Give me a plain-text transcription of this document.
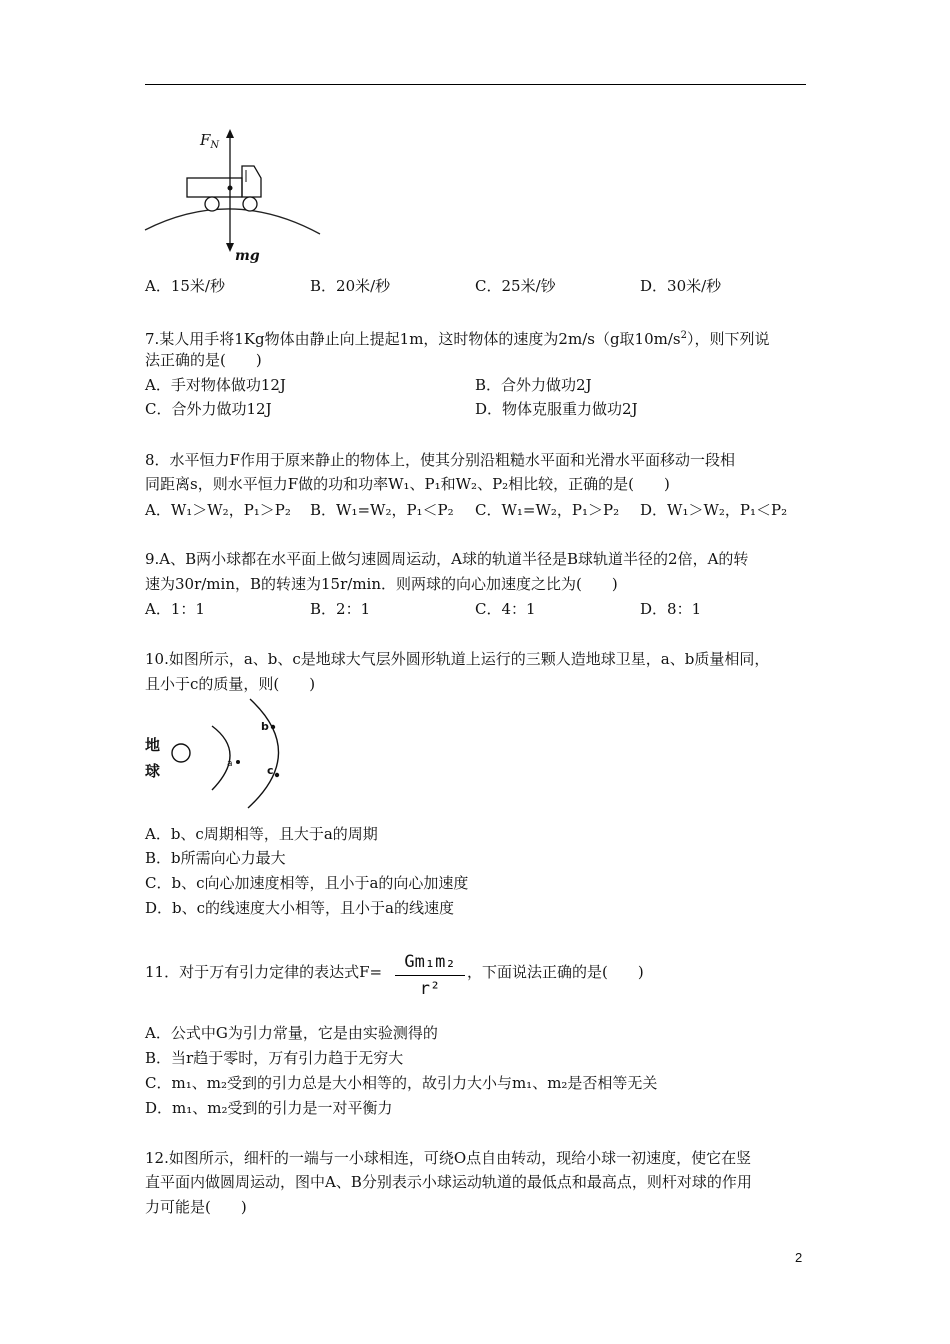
$F_N$
mg
A．15米/秒	B．20米/秒	C．25米/钞	D．30米/秒
7.某人用手将1Kg物体由静止向上提起1m，这时物体的速度为2m/s（g取$10m/s^2$），则下列说
法正确的是(　　)
A．手对物体做功12J	B．合外力做功2J
C．合外力做功12J	D．物体克服重力做功2J
8．水平恒力F作用于原来静止的物体上，使其分别沿粗糙水平面和光滑水平面移动一段相
同距离s，则水平恒力F做的功和功率W₁、P₁和W₂、P₂相比较，正确的是(　　)
A．W₁＞W₂，P₁＞P₂ B．W₁=W₂，P₁＜P₂ C．W₁=W₂，P₁＞P₂ D．W₁＞W₂，P₁＜P₂
9.A、B两小球都在水平面上做匀速圆周运动，A球的轨道半径是B球轨道半径的2倍，A的转
速为30r/min，B的转速为15r/min．则两球的向心加速度之比为(　　)
A．1：1	B．2：1	C．4：1	D．8：1
10.如图所示，a、b、c是地球大气层外圆形轨道上运行的三颗人造地球卫星，a、b质量相同，
且小于c的质量，则(　　)
地
球	a
b
c
A．b、c周期相等，且大于a的周期
B．b所需向心力最大
C．b、c向心加速度相等，且小于a的向心加速度
D．b、c的线速度大小相等，且小于a的线速度
11．对于万有引力定律的表达式F=	Gm₁m₂
r²
，下面说法正确的是(　　)
A．公式中G为引力常量，它是由实验测得的
B．当r趋于零时，万有引力趋于无穷大
C．m₁、m₂受到的引力总是大小相等的，故引力大小与m₁、m₂是否相等无关
D．m₁、m₂受到的引力是一对平衡力
12.如图所示，细杆的一端与一小球相连，可绕O点自由转动，现给小球一初速度，使它在竖
直平面内做圆周运动，图中A、B分别表示小球运动轨道的最低点和最高点，则杆对球的作用
力可能是(　　)
2
